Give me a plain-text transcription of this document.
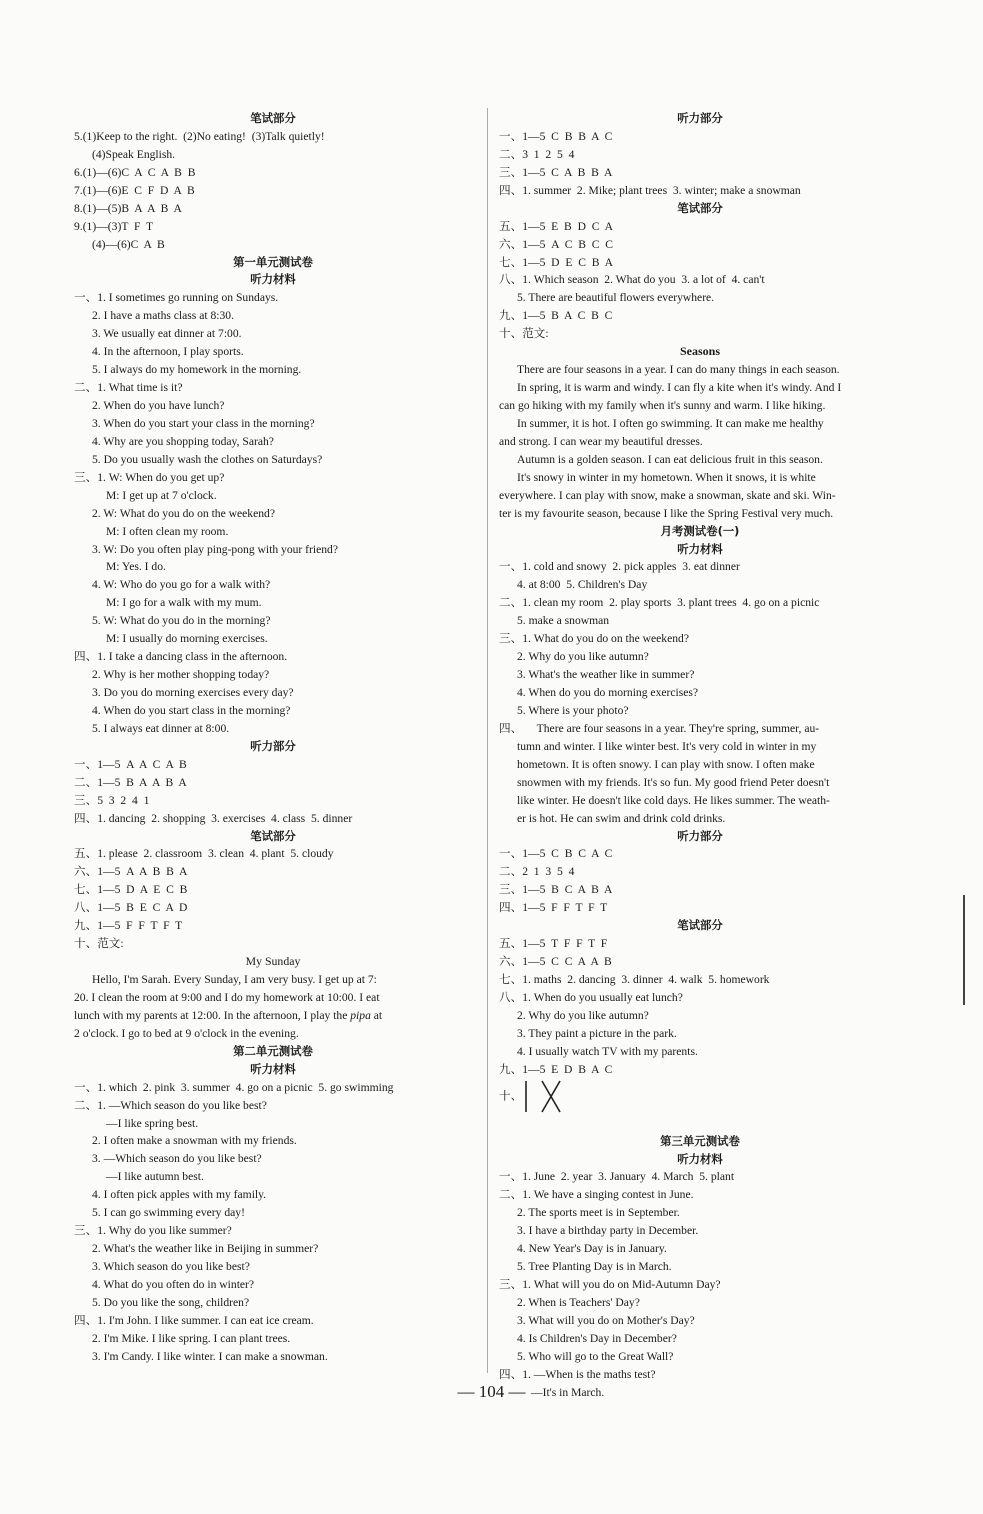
笔试部分
5.(1)Keep to the right.  (2)No eating!  (3)Talk quietly!
(4)Speak English.
6.(1)—(6)C  A  C  A  B  B
7.(1)—(6)E  C  F  D  A  B
8.(1)—(5)B  A  A  B  A
9.(1)—(3)T  F  T
(4)—(6)C  A  B
第一单元测试卷
听力材料
一、1. I sometimes go running on Sundays.
2. I have a maths class at 8:30.
3. We usually eat dinner at 7:00.
4. In the afternoon, I play sports.
5. I always do my homework in the morning.
二、1. What time is it?
2. When do you have lunch?
3. When do you start your class in the morning?
4. Why are you shopping today, Sarah?
5. Do you usually wash the clothes on Saturdays?
三、1. W: When do you get up?
M: I get up at 7 o'clock.
2. W: What do you do on the weekend?
M: I often clean my room.
3. W: Do you often play ping-pong with your friend?
M: Yes. I do.
4. W: Who do you go for a walk with?
M: I go for a walk with my mum.
5. W: What do you do in the morning?
M: I usually do morning exercises.
四、1. I take a dancing class in the afternoon.
2. Why is her mother shopping today?
3. Do you do morning exercises every day?
4. When do you start class in the morning?
5. I always eat dinner at 8:00.
听力部分
一、1—5  A  A  C  A  B
二、1—5  B  A  A  B  A
三、5  3  2  4  1
四、1. dancing  2. shopping  3. exercises  4. class  5. dinner
笔试部分
五、1. please  2. classroom  3. clean  4. plant  5. cloudy
六、1—5  A  A  B  B  A
七、1—5  D  A  E  C  B
八、1—5  B  E  C  A  D
九、1—5  F  F  T  F  T
十、范文:
My Sunday
Hello, I'm Sarah. Every Sunday, I am very busy. I get up at 7:
20. I clean the room at 9:00 and I do my homework at 10:00. I eat
lunch with my parents at 12:00. In the afternoon, I play the pipa at
2 o'clock. I go to bed at 9 o'clock in the evening.
第二单元测试卷
听力材料
一、1. which  2. pink  3. summer  4. go on a picnic  5. go swimming
二、1. —Which season do you like best?
—I like spring best.
2. I often make a snowman with my friends.
3. —Which season do you like best?
—I like autumn best.
4. I often pick apples with my family.
5. I can go swimming every day!
三、1. Why do you like summer?
2. What's the weather like in Beijing in summer?
3. Which season do you like best?
4. What do you often do in winter?
5. Do you like the song, children?
四、1. I'm John. I like summer. I can eat ice cream.
2. I'm Mike. I like spring. I can plant trees.
3. I'm Candy. I like winter. I can make a snowman.
听力部分
一、1—5  C  B  B  A  C
二、3  1  2  5  4
三、1—5  C  A  B  B  A
四、1. summer  2. Mike; plant trees  3. winter; make a snowman
笔试部分
五、1—5  E  B  D  C  A
六、1—5  A  C  B  C  C
七、1—5  D  E  C  B  A
八、1. Which season  2. What do you  3. a lot of  4. can't
5. There are beautiful flowers everywhere.
九、1—5  B  A  C  B  C
十、范文:
Seasons
There are four seasons in a year. I can do many things in each season.
In spring, it is warm and windy. I can fly a kite when it's windy. And I
can go hiking with my family when it's sunny and warm. I like hiking.
In summer, it is hot. I often go swimming. It can make me healthy
and strong. I can wear my beautiful dresses.
Autumn is a golden season. I can eat delicious fruit in this season.
It's snowy in winter in my hometown. When it snows, it is white
everywhere. I can play with snow, make a snowman, skate and ski. Win-
ter is my favourite season, because I like the Spring Festival very much.
月考测试卷(一)
听力材料
一、1. cold and snowy  2. pick apples  3. eat dinner
4. at 8:00  5. Children's Day
二、1. clean my room  2. play sports  3. plant trees  4. go on a picnic
5. make a snowman
三、1. What do you do on the weekend?
2. Why do you like autumn?
3. What's the weather like in summer?
4. When do you do morning exercises?
5. Where is your photo?
四、     There are four seasons in a year. They're spring, summer, au-
tumn and winter. I like winter best. It's very cold in winter in my
hometown. It is often snowy. I can play with snow. I often make
snowmen with my friends. It's so fun. My good friend Peter doesn't
like winter. He doesn't like cold days. He likes summer. The weath-
er is hot. He can swim and drink cold drinks.
听力部分
一、1—5  C  B  C  A  C
二、2  1  3  5  4
三、1—5  B  C  A  B  A
四、1—5  F  F  T  F  T
笔试部分
五、1—5  T  F  F  T  F
六、1—5  C  C  A  A  B
七、1. maths  2. dancing  3. dinner  4. walk  5. homework
八、1. When do you usually eat lunch?
2. Why do you like autumn?
3. They paint a picture in the park.
4. I usually watch TV with my parents.
九、1—5  E  D  B  A  C
十、
第三单元测试卷
听力材料
一、1. June  2. year  3. January  4. March  5. plant
二、1. We have a singing contest in June.
2. The sports meet is in September.
3. I have a birthday party in December.
4. New Year's Day is in January.
5. Tree Planting Day is in March.
三、1. What will you do on Mid-Autumn Day?
2. When is Teachers' Day?
3. What will you do on Mother's Day?
4. Is Children's Day in December?
5. Who will go to the Great Wall?
四、1. —When is the maths test?
—It's in March.
— 104 —
